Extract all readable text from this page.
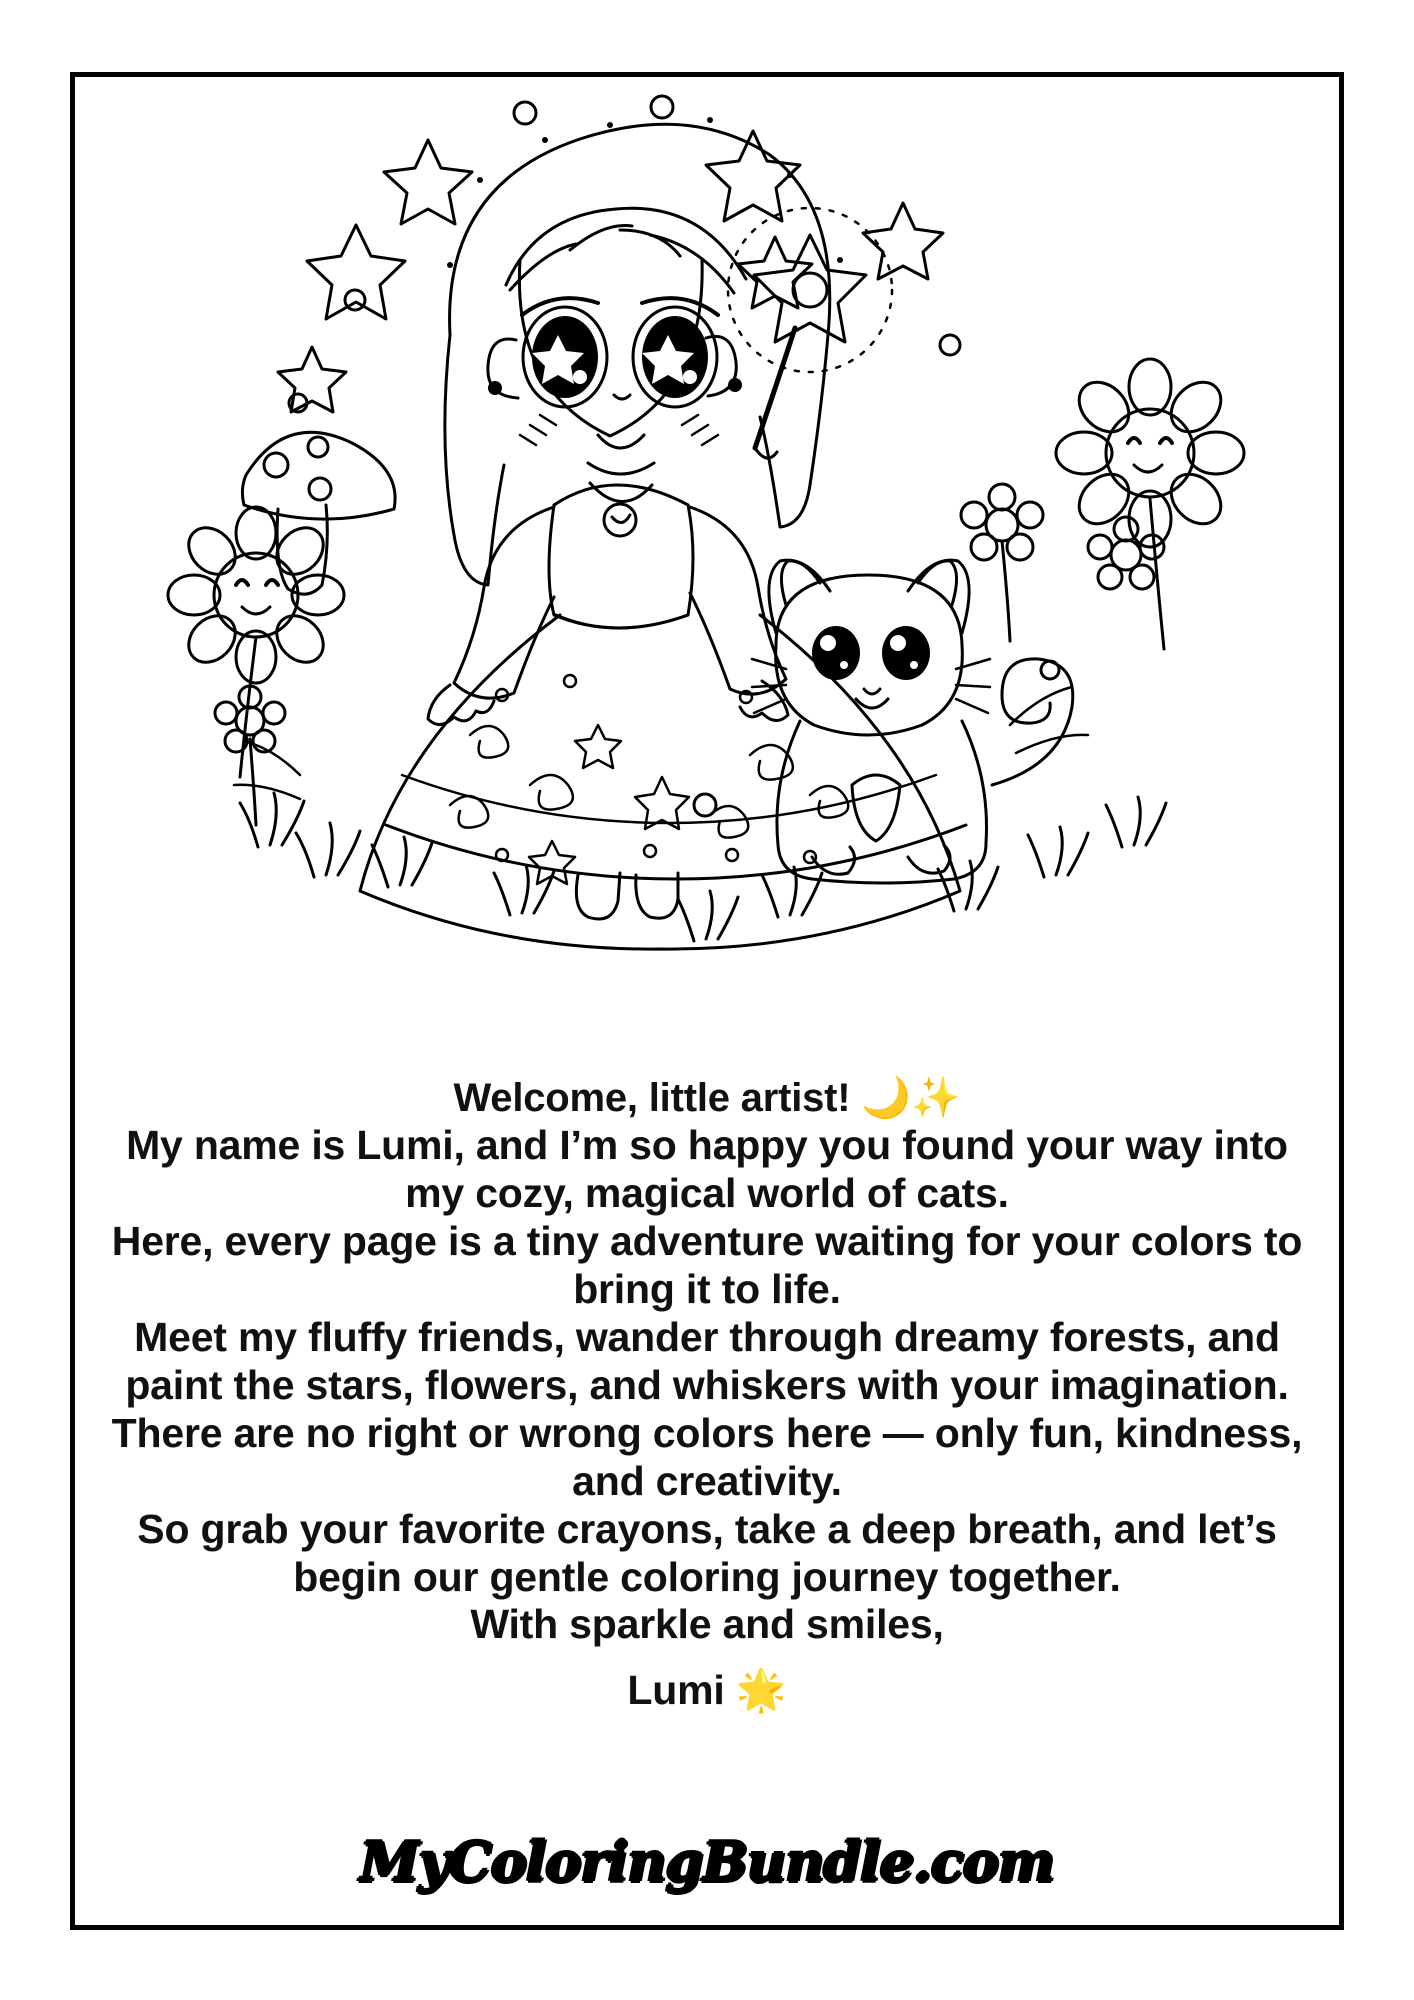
Welcome, little artist! 🌙✨

My name is Lumi, and I’m so happy you found your way into my cozy, magical world of cats.

Here, every page is a tiny adventure waiting for your colors to bring it to life.

Meet my fluffy friends, wander through dreamy forests, and paint the stars, flowers, and whiskers with your imagination. There are no right or wrong colors here — only fun, kindness, and creativity.

So grab your favorite crayons, take a deep breath, and let’s begin our gentle coloring journey together.

With sparkle and smiles,

Lumi 🌟

MyColoringBundle.com
